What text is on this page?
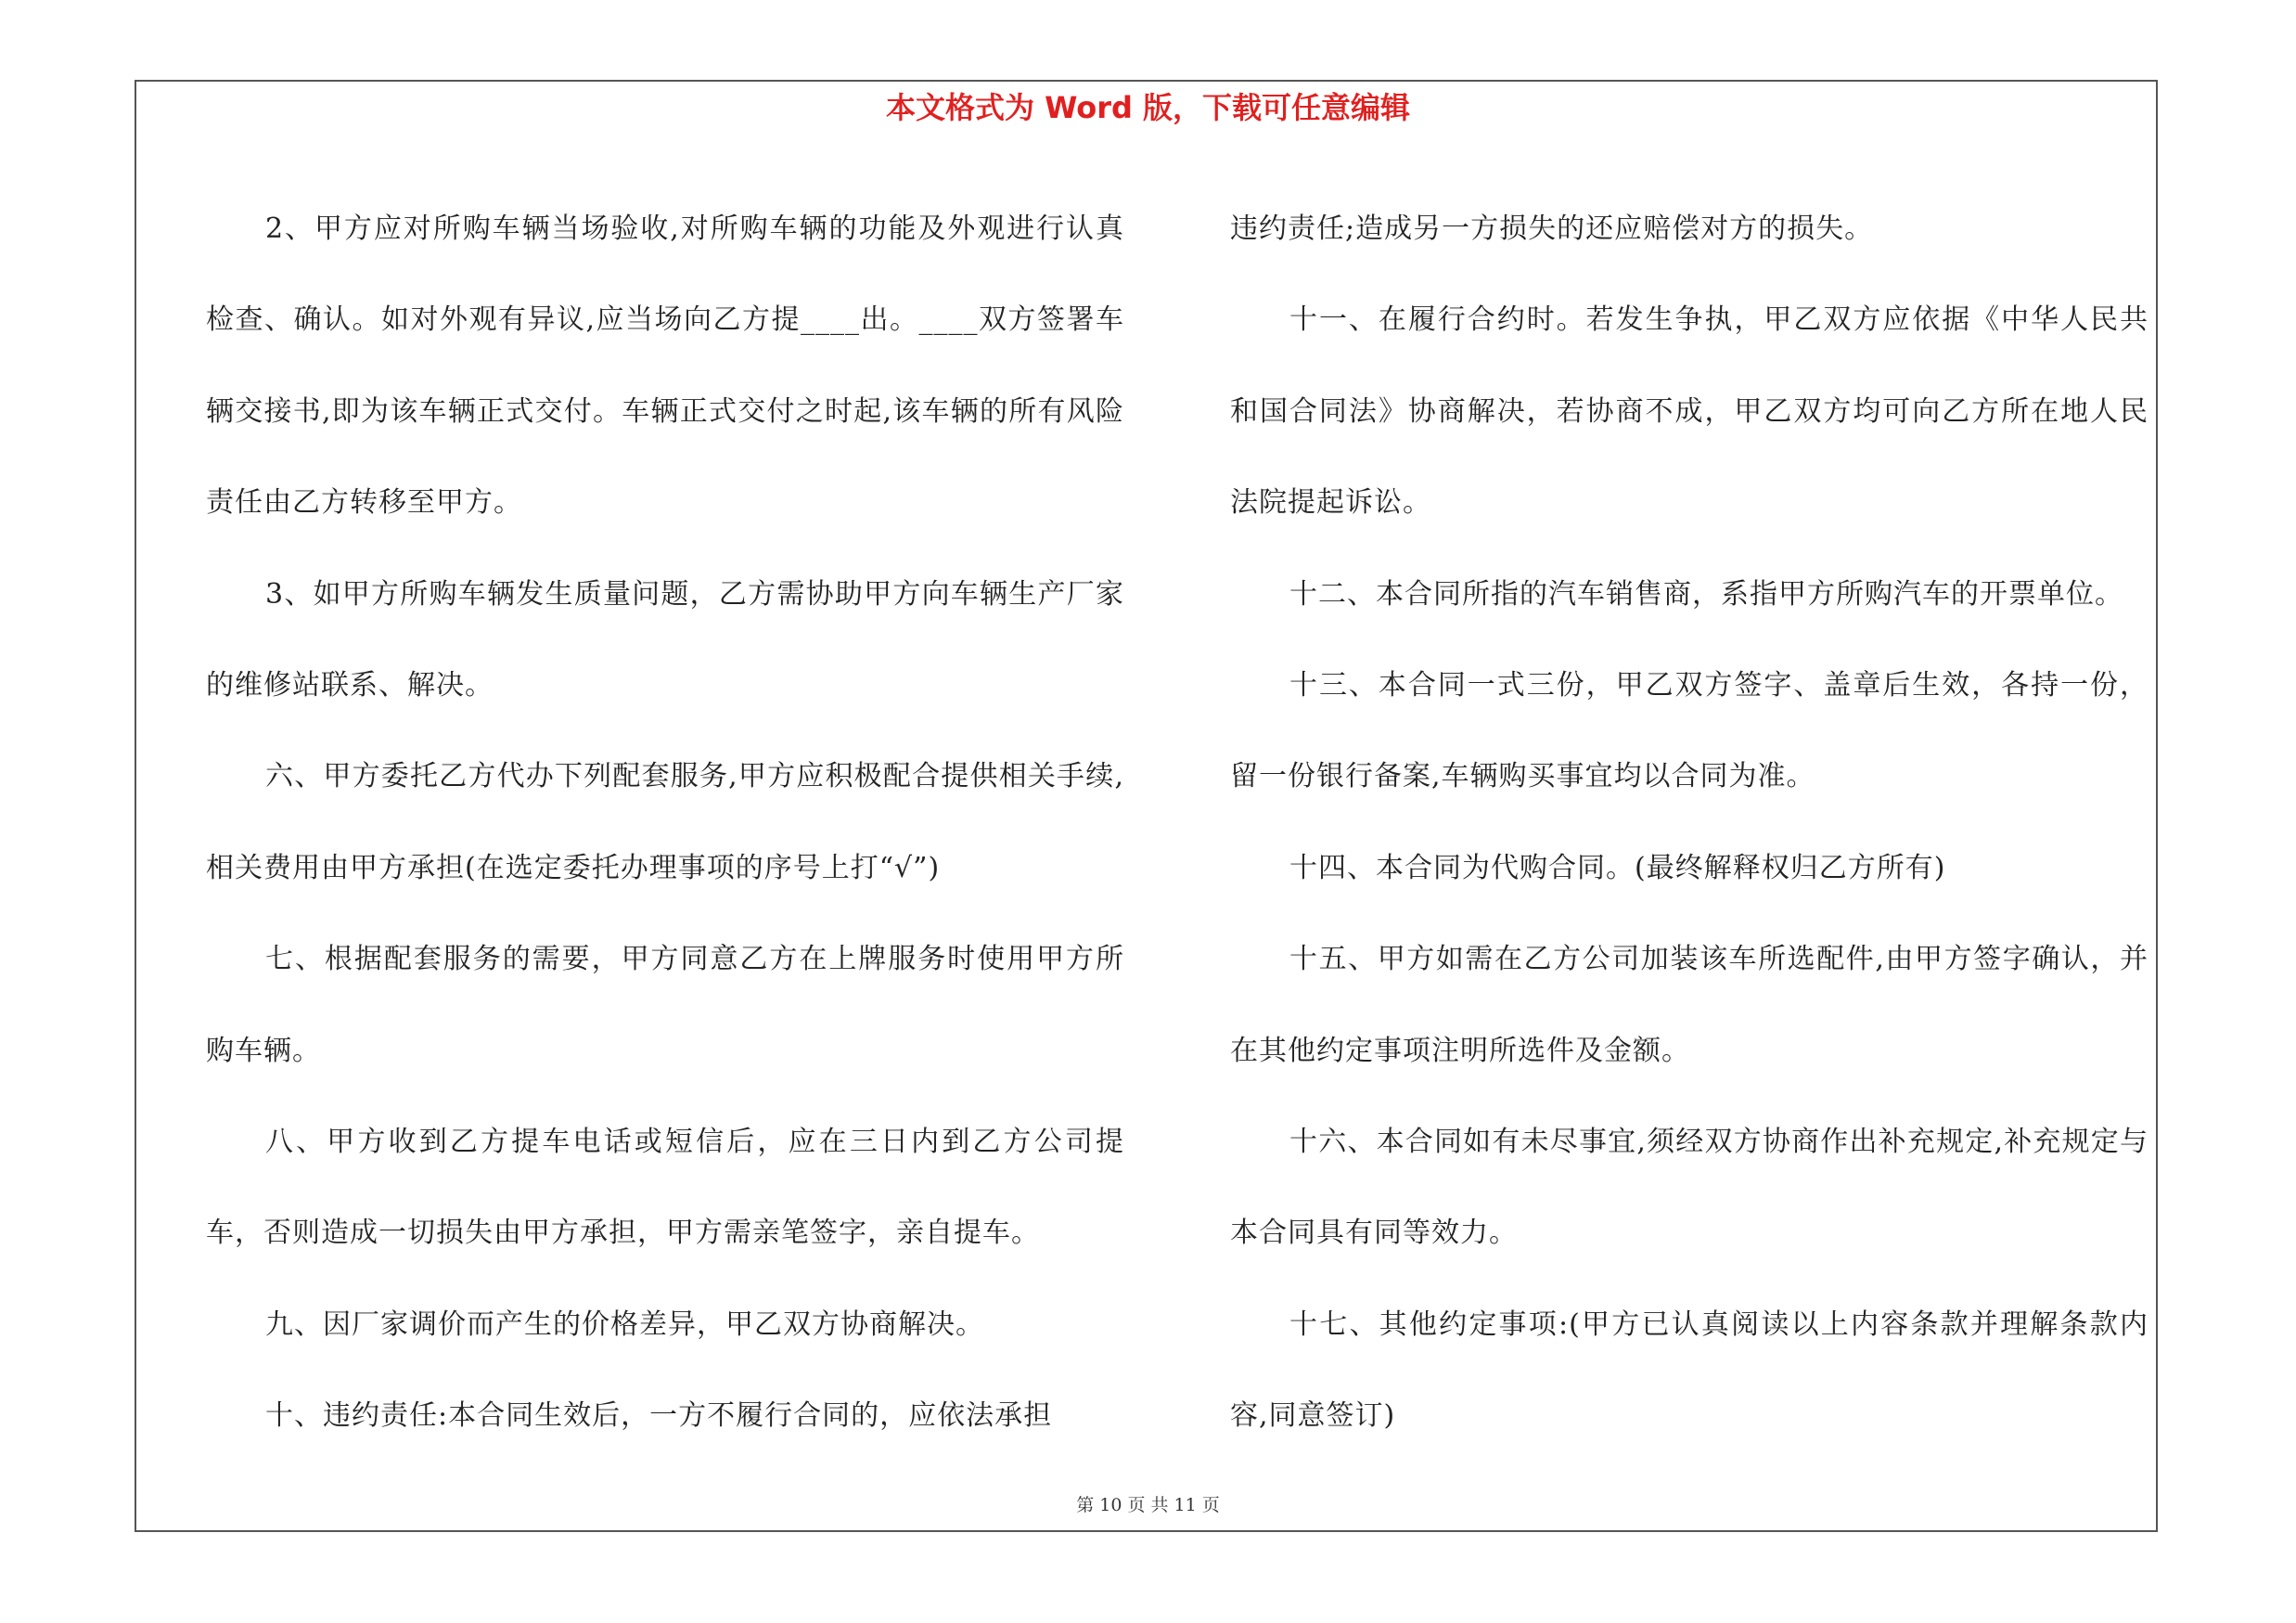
本文格式为 Word 版，下载可任意编辑

2、甲方应对所购车辆当场验收,对所购车辆的功能及外观进行认真检查、确认。如对外观有异议,应当场向乙方提____出。____双方签署车辆交接书,即为该车辆正式交付。车辆正式交付之时起,该车辆的所有风险责任由乙方转移至甲方。

3、如甲方所购车辆发生质量问题，乙方需协助甲方向车辆生产厂家的维修站联系、解决。

六、甲方委托乙方代办下列配套服务,甲方应积极配合提供相关手续,相关费用由甲方承担(在选定委托办理事项的序号上打“√”)

七、根据配套服务的需要，甲方同意乙方在上牌服务时使用甲方所购车辆。

八、甲方收到乙方提车电话或短信后，应在三日内到乙方公司提车，否则造成一切损失由甲方承担，甲方需亲笔签字，亲自提车。

九、因厂家调价而产生的价格差异，甲乙双方协商解决。

十、违约责任:本合同生效后，一方不履行合同的，应依法承担

违约责任;造成另一方损失的还应赔偿对方的损失。

十一、在履行合约时。若发生争执，甲乙双方应依据《中华人民共和国合同法》协商解决，若协商不成，甲乙双方均可向乙方所在地人民法院提起诉讼。

十二、本合同所指的汽车销售商，系指甲方所购汽车的开票单位。

十三、本合同一式三份，甲乙双方签字、盖章后生效，各持一份，留一份银行备案,车辆购买事宜均以合同为准。

十四、本合同为代购合同。(最终解释权归乙方所有)

十五、甲方如需在乙方公司加装该车所选配件,由甲方签字确认，并在其他约定事项注明所选件及金额。

十六、本合同如有未尽事宜,须经双方协商作出补充规定,补充规定与本合同具有同等效力。

十七、其他约定事项:(甲方已认真阅读以上内容条款并理解条款内容,同意签订)

第 10 页 共 11 页
